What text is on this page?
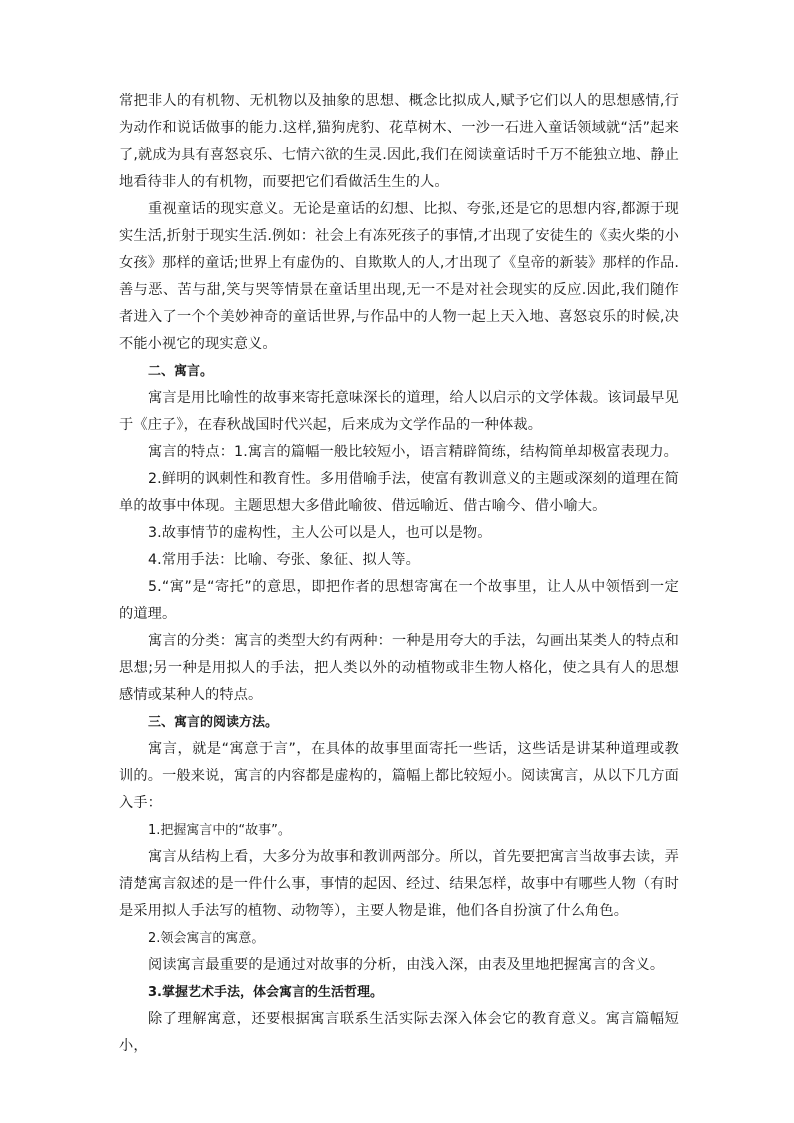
常把非人的有机物、无机物以及抽象的思想、概念比拟成人,赋予它们以人的思想感情,行为动作和说话做事的能力.这样,猫狗虎豹、花草树木、一沙一石进入童话领域就“活”起来了,就成为具有喜怒哀乐、七情六欲的生灵.因此,我们在阅读童话时千万不能独立地、静止地看待非人的有机物，而要把它们看做活生生的人。

重视童话的现实意义。无论是童话的幻想、比拟、夸张,还是它的思想内容,都源于现实生活,折射于现实生活.例如：社会上有冻死孩子的事情,才出现了安徒生的《卖火柴的小女孩》那样的童话;世界上有虚伪的、自欺欺人的人,才出现了《皇帝的新装》那样的作品.善与恶、苦与甜,笑与哭等情景在童话里出现,无一不是对社会现实的反应.因此,我们随作者进入了一个个美妙神奇的童话世界,与作品中的人物一起上天入地、喜怒哀乐的时候,决不能小视它的现实意义。

二、寓言。

寓言是用比喻性的故事来寄托意味深长的道理，给人以启示的文学体裁。该词最早见于《庄子》，在春秋战国时代兴起，后来成为文学作品的一种体裁。

寓言的特点：1.寓言的篇幅一般比较短小，语言精辟简练，结构简单却极富表现力。

2.鲜明的讽刺性和教育性。多用借喻手法，使富有教训意义的主题或深刻的道理在简单的故事中体现。主题思想大多借此喻彼、借远喻近、借古喻今、借小喻大。

3.故事情节的虚构性，主人公可以是人，也可以是物。

4.常用手法：比喻、夸张、象征、拟人等。

5.“寓”是“寄托”的意思，即把作者的思想寄寓在一个故事里，让人从中领悟到一定的道理。

寓言的分类：寓言的类型大约有两种：一种是用夸大的手法，勾画出某类人的特点和思想;另一种是用拟人的手法，把人类以外的动植物或非生物人格化，使之具有人的思想感情或某种人的特点。

三、寓言的阅读方法。

寓言，就是“寓意于言”，在具体的故事里面寄托一些话，这些话是讲某种道理或教训的。一般来说，寓言的内容都是虚构的，篇幅上都比较短小。阅读寓言，从以下几方面入手：

1.把握寓言中的“故事”。

寓言从结构上看，大多分为故事和教训两部分。所以，首先要把寓言当故事去读，弄清楚寓言叙述的是一件什么事，事情的起因、经过、结果怎样，故事中有哪些人物（有时是采用拟人手法写的植物、动物等），主要人物是谁，他们各自扮演了什么角色。

2.领会寓言的寓意。

阅读寓言最重要的是通过对故事的分析，由浅入深，由表及里地把握寓言的含义。

3.掌握艺术手法，体会寓言的生活哲理。

除了理解寓意，还要根据寓言联系生活实际去深入体会它的教育意义。寓言篇幅短小，
